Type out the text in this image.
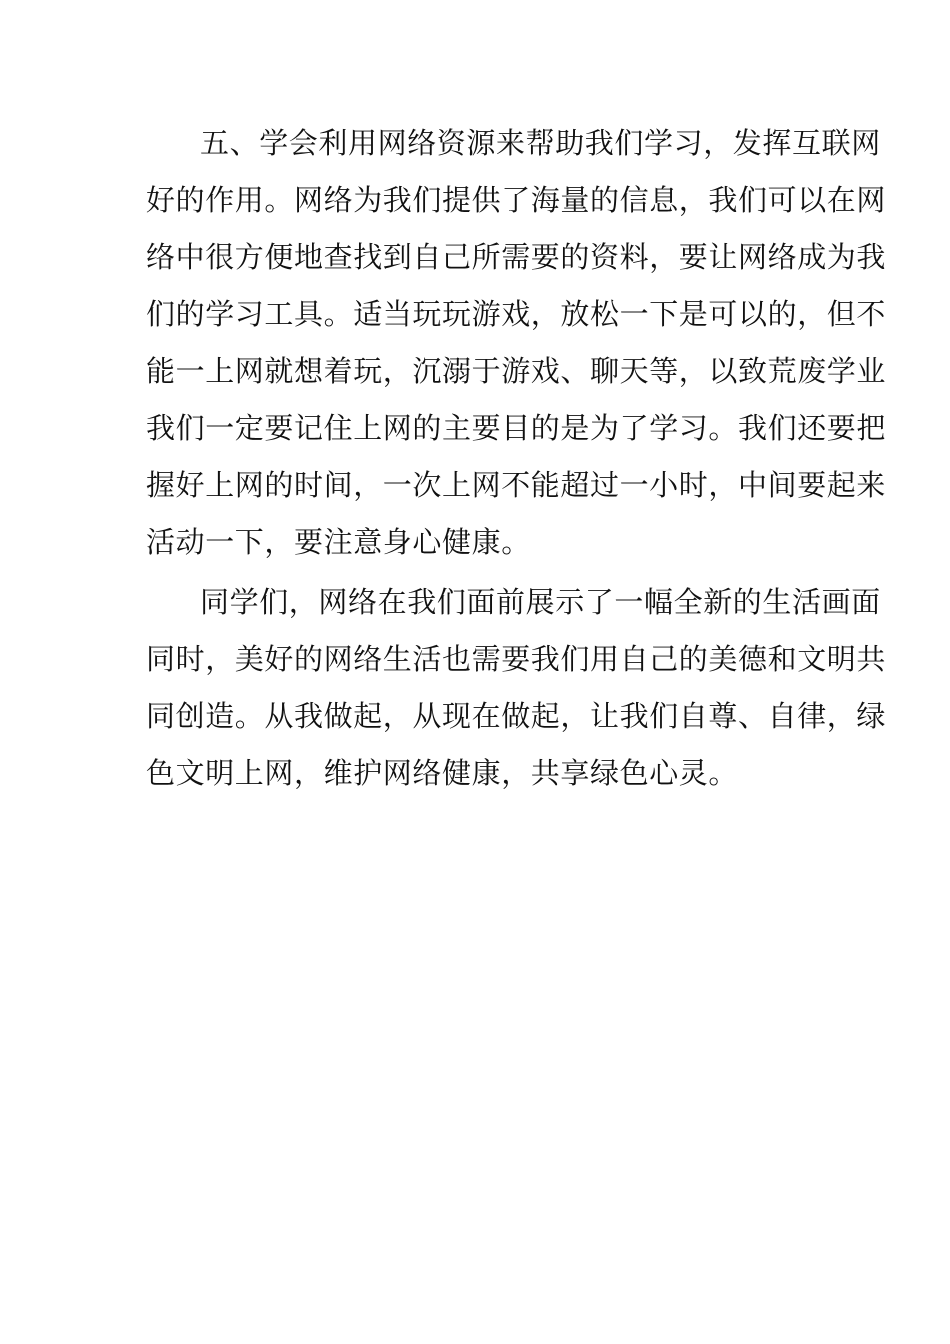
五、学会利用网络资源来帮助我们学习，发挥互联网
好的作用。网络为我们提供了海量的信息，我们可以在网
络中很方便地查找到自己所需要的资料，要让网络成为我
们的学习工具。适当玩玩游戏，放松一下是可以的，但不
能一上网就想着玩，沉溺于游戏、聊天等，以致荒废学业
我们一定要记住上网的主要目的是为了学习。我们还要把
握好上网的时间，一次上网不能超过一小时，中间要起来
活动一下，要注意身心健康。
同学们，网络在我们面前展示了一幅全新的生活画面
同时，美好的网络生活也需要我们用自己的美德和文明共
同创造。从我做起，从现在做起，让我们自尊、自律，绿
色文明上网，维护网络健康，共享绿色心灵。
